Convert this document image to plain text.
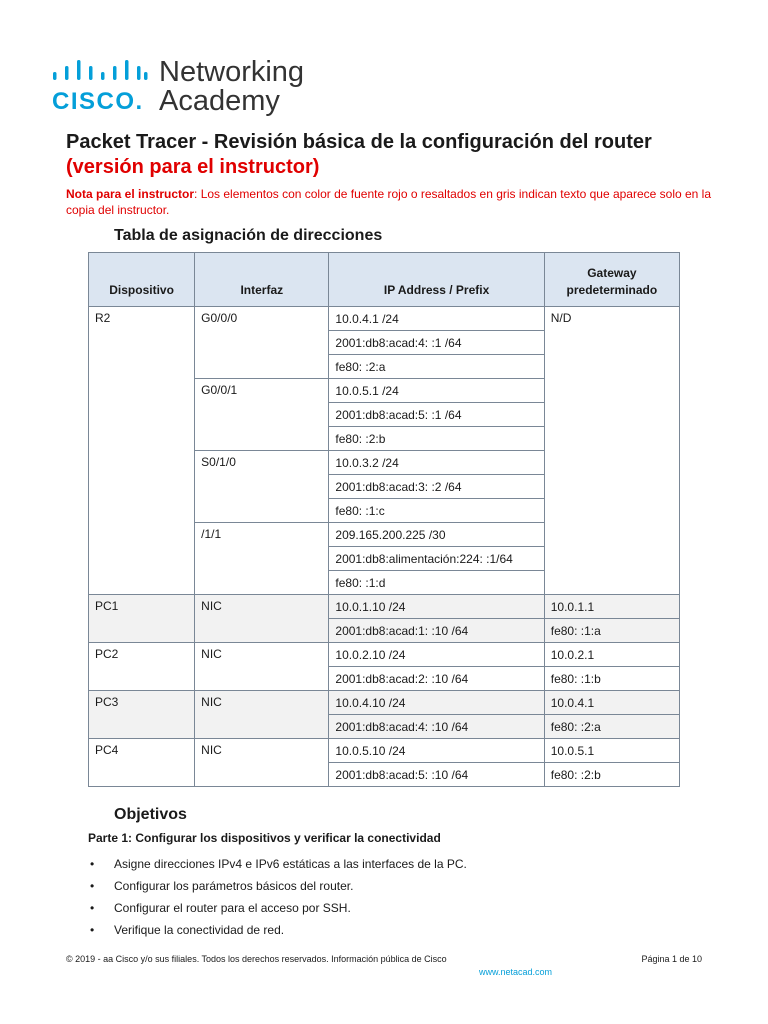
CISCO.
Networking
Academy
Packet Tracer - Revisión básica de la configuración del router
(versión para el instructor)
Nota para el instructor: Los elementos con color de fuente rojo o resaltados en gris indican texto que aparece solo en la copia del instructor.
Tabla de asignación de direcciones
Dispositivo	Interfaz	IP Address / Prefix	Gateway predeterminado
R2	G0/0/0	10.0.4.1 /24	N/D
		2001:db8:acad:4: :1 /64	
		fe80: :2:a	
	G0/0/1	10.0.5.1 /24	
		2001:db8:acad:5: :1 /64	
		fe80: :2:b	
	S0/1/0	10.0.3.2 /24	
		2001:db8:acad:3: :2 /64	
		fe80: :1:c	
	/1/1	209.165.200.225 /30	
		2001:db8:alimentación:224: :1/64	
		fe80: :1:d	
PC1	NIC	10.0.1.10 /24	10.0.1.1
		2001:db8:acad:1: :10 /64	fe80: :1:a
PC2	NIC	10.0.2.10 /24	10.0.2.1
		2001:db8:acad:2: :10 /64	fe80: :1:b
PC3	NIC	10.0.4.10 /24	10.0.4.1
		2001:db8:acad:4: :10 /64	fe80: :2:a
PC4	NIC	10.0.5.10 /24	10.0.5.1
		2001:db8:acad:5: :10 /64	fe80: :2:b
Objetivos
Parte 1: Configurar los dispositivos y verificar la conectividad
• Asigne direcciones IPv4 e IPv6 estáticas a las interfaces de la PC.
• Configurar los parámetros básicos del router.
• Configurar el router para el acceso por SSH.
• Verifique la conectividad de red.
© 2019 - aa Cisco y/o sus filiales. Todos los derechos reservados. Información pública de Cisco	Página 1 de 10
www.netacad.com
